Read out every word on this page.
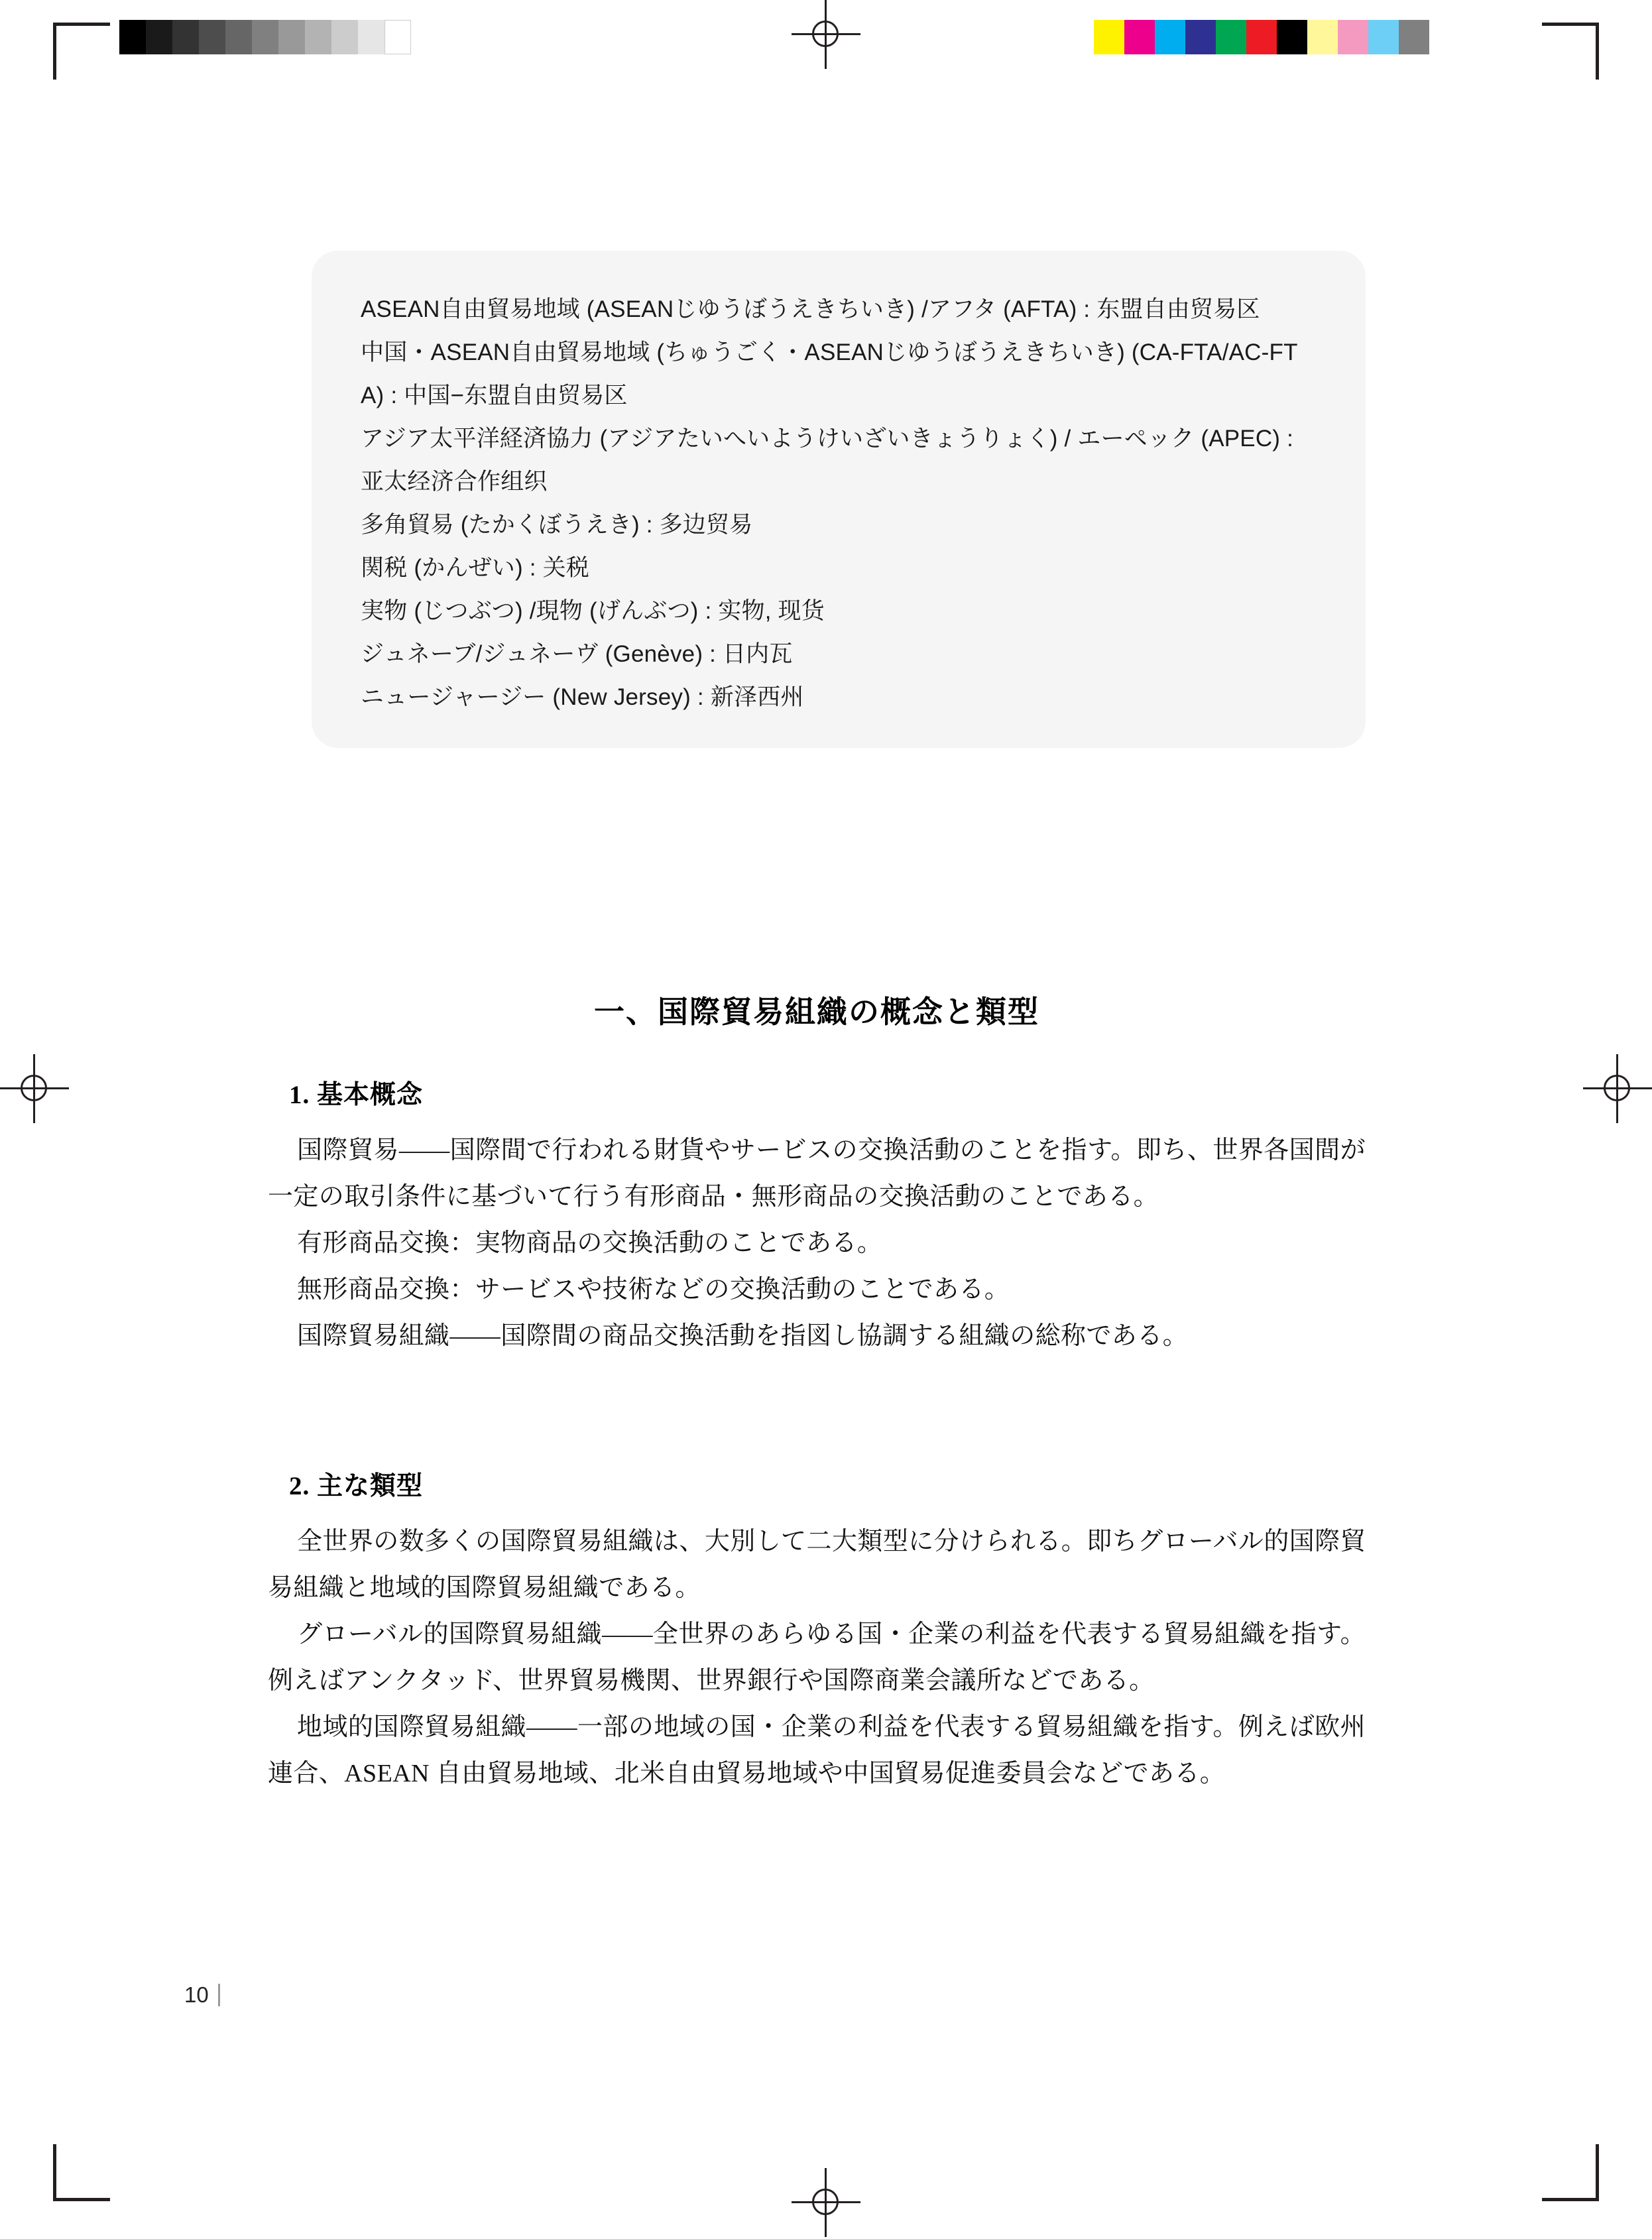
ASEAN自由貿易地域 (ASEANじゆうぼうえきちいき) /アフタ (AFTA) : 东盟自由贸易区
中国・ASEAN自由貿易地域 (ちゅうごく・ASEANじゆうぼうえきちいき) (CA-FTA/AC-FTA) : 中国−东盟自由贸易区
アジア太平洋経済協力 (アジアたいへいようけいざいきょうりょく) / エーペック (APEC) : 亚太经济合作组织
多角貿易 (たかくぼうえき) : 多边贸易
関税 (かんぜい) : 关税
実物 (じつぶつ) /現物 (げんぶつ) : 实物, 现货
ジュネーブ/ジュネーヴ (Genève) : 日内瓦
ニュージャージー (New Jersey) : 新泽西州
一、国際貿易組織の概念と類型
1. 基本概念

国際貿易——国際間で行われる財貨やサービスの交換活動のことを指す。即ち、世界各国間が一定の取引条件に基づいて行う有形商品・無形商品の交換活動のことである。

有形商品交換：実物商品の交換活動のことである。

無形商品交換：サービスや技術などの交換活動のことである。

国際貿易組織——国際間の商品交換活動を指図し協調する組織の総称である。

2. 主な類型

全世界の数多くの国際貿易組織は、大別して二大類型に分けられる。即ちグローバル的国際貿易組織と地域的国際貿易組織である。

グローバル的国際貿易組織——全世界のあらゆる国・企業の利益を代表する貿易組織を指す。例えばアンクタッド、世界貿易機関、世界銀行や国際商業会議所などである。

地域的国際貿易組織——一部の地域の国・企業の利益を代表する貿易組織を指す。例えば欧州連合、ASEAN 自由貿易地域、北米自由貿易地域や中国貿易促進委員会などである。

10
